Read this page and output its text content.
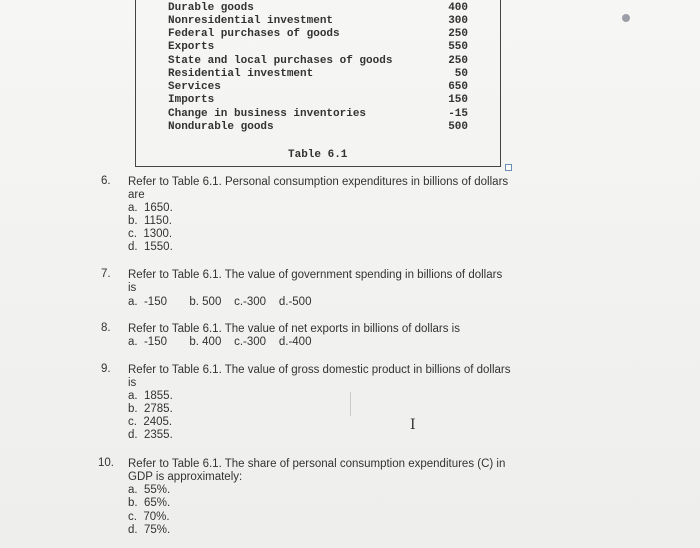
Durable goods	400
Nonresidential investment	300
Federal purchases of goods	250
Exports	550
State and local purchases of goods	250
Residential investment	50
Services	650
Imports	150
Change in business inventories	-15
Nondurable goods	500
Table 6.1
6. Refer to Table 6.1. Personal consumption expenditures in billions of dollars
are
a.  1650.
b.  1150.
c.  1300.
d.  1550.
7. Refer to Table 6.1. The value of government spending in billions of dollars
is
a.  -150       b. 500    c.-300    d.-500
8. Refer to Table 6.1. The value of net exports in billions of dollars is
a.  -150       b. 400    c.-300    d.-400
9. Refer to Table 6.1. The value of gross domestic product in billions of dollars
is
a.  1855.
b.  2785.
c.  2405.
d.  2355.
I
10. Refer to Table 6.1. The share of personal consumption expenditures (C) in
GDP is approximately:
a.  55%.
b.  65%.
c.  70%.
d.  75%.
